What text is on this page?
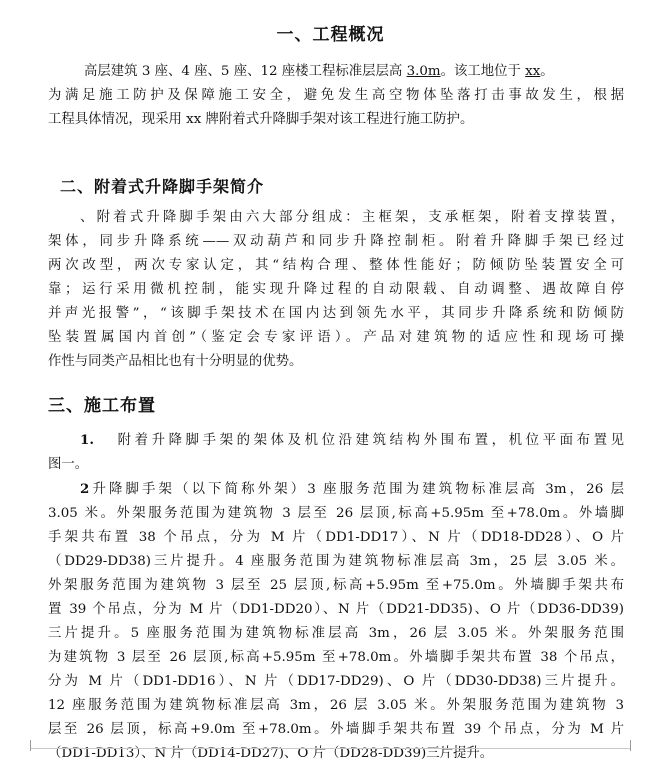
一、工程概况
高层建筑 3 座、4 座、5 座、12 座楼工程标准层层高 3.0m。该工地位于 xx。
为满足施工防护及保障施工安全，避免发生高空物体坠落打击事故发生，根据
工程具体情况，现采用 xx 牌附着式升降脚手架对该工程进行施工防护。
二、附着式升降脚手架简介
、附着式升降脚手架由六大部分组成：主框架，支承框架，附着支撑装置，
架体，同步升降系统——双动葫芦和同步升降控制柜。附着升降脚手架已经过
两次改型，两次专家认定，其“结构合理、整体性能好；防倾防坠装置安全可
靠；运行采用微机控制，能实现升降过程的自动限载、自动调整、遇故障自停
并声光报警”，“该脚手架技术在国内达到领先水平，其同步升降系统和防倾防
坠装置属国内首创”（鉴定会专家评语）。产品对建筑物的适应性和现场可操
作性与同类产品相比也有十分明显的优势。
三、施工布置
1. 附着升降脚手架的架体及机位沿建筑结构外围布置，机位平面布置见
图一。
2升降脚手架（以下简称外架）3 座服务范围为建筑物标准层高 3m，26 层
3.05 米。外架服务范围为建筑物 3 层至 26 层顶,标高+5.95m 至+78.0m。外墙脚
手架共布置 38 个吊点，分为 M 片（DD1-DD17）、N 片（DD18-DD28）、O 片
（DD29-DD38)三片提升。4 座服务范围为建筑物标准层高 3m，25 层 3.05 米。
外架服务范围为建筑物 3 层至 25 层顶,标高+5.95m 至+75.0m。外墙脚手架共布
置 39 个吊点，分为 M 片（DD1-DD20）、N 片（DD21-DD35)、O 片（DD36-DD39)
三片提升。5 座服务范围为建筑物标准层高 3m，26 层 3.05 米。外架服务范围
为建筑物 3 层至 26 层顶,标高+5.95m 至+78.0m。外墙脚手架共布置 38 个吊点，
分为 M 片（DD1-DD16）、N 片（DD17-DD29)、O 片（DD30-DD38)三片提升。
12 座服务范围为建筑物标准层高 3m，26 层 3.05 米。外架服务范围为建筑物 3
层至 26 层顶，标高+9.0m 至+78.0m。外墙脚手架共布置 39 个吊点，分为 M 片
（DD1-DD13）、N 片（DD14-DD27)、O 片（DD28-DD39)三片提升。
